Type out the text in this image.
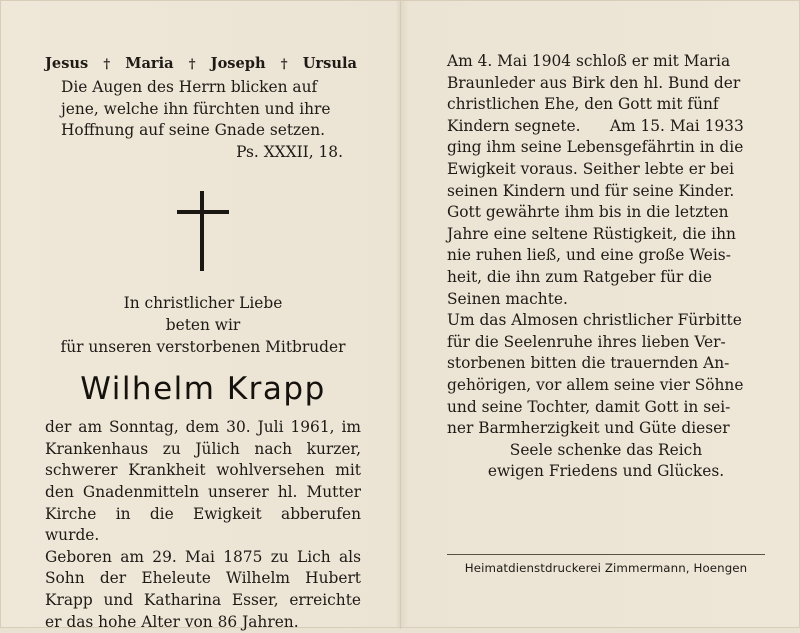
Jesus † Maria † Joseph † Ursula
Die Augen des Herrn blicken auf
jene, welche ihn fürchten und ihre
Hoffnung auf seine Gnade setzen.
Ps. XXXII, 18.
In christlicher Liebe
beten wir
für unseren verstorbenen Mitbruder
Wilhelm Krapp
der am Sonntag, dem 30. Juli 1961, im
Krankenhaus zu Jülich nach kurzer,
schwerer Krankheit wohlversehen mit
den Gnadenmitteln unserer hl. Mutter
Kirche in die Ewigkeit abberufen wurde.
Geboren am 29. Mai 1875 zu Lich als
Sohn der Eheleute Wilhelm Hubert
Krapp und Katharina Esser, erreichte
er das hohe Alter von 86 Jahren.
Am 4. Mai 1904 schloß er mit Maria
Braunleder aus Birk den hl. Bund der
christlichen Ehe, den Gott mit fünf
Kindern segnete.      Am 15. Mai 1933
ging ihm seine Lebensgefährtin in die
Ewigkeit voraus. Seither lebte er bei
seinen Kindern und für seine Kinder.
Gott gewährte ihm bis in die letzten
Jahre eine seltene Rüstigkeit, die ihn
nie ruhen ließ, und eine große Weis-
heit, die ihn zum Ratgeber für die
Seinen machte.
Um das Almosen christlicher Fürbitte
für die Seelenruhe ihres lieben Ver-
storbenen bitten die trauernden An-
gehörigen, vor allem seine vier Söhne
und seine Tochter, damit Gott in sei-
ner Barmherzigkeit und Güte dieser
Seele schenke das Reich
ewigen Friedens und Glückes.
Heimatdienstdruckerei Zimmermann, Hoengen
